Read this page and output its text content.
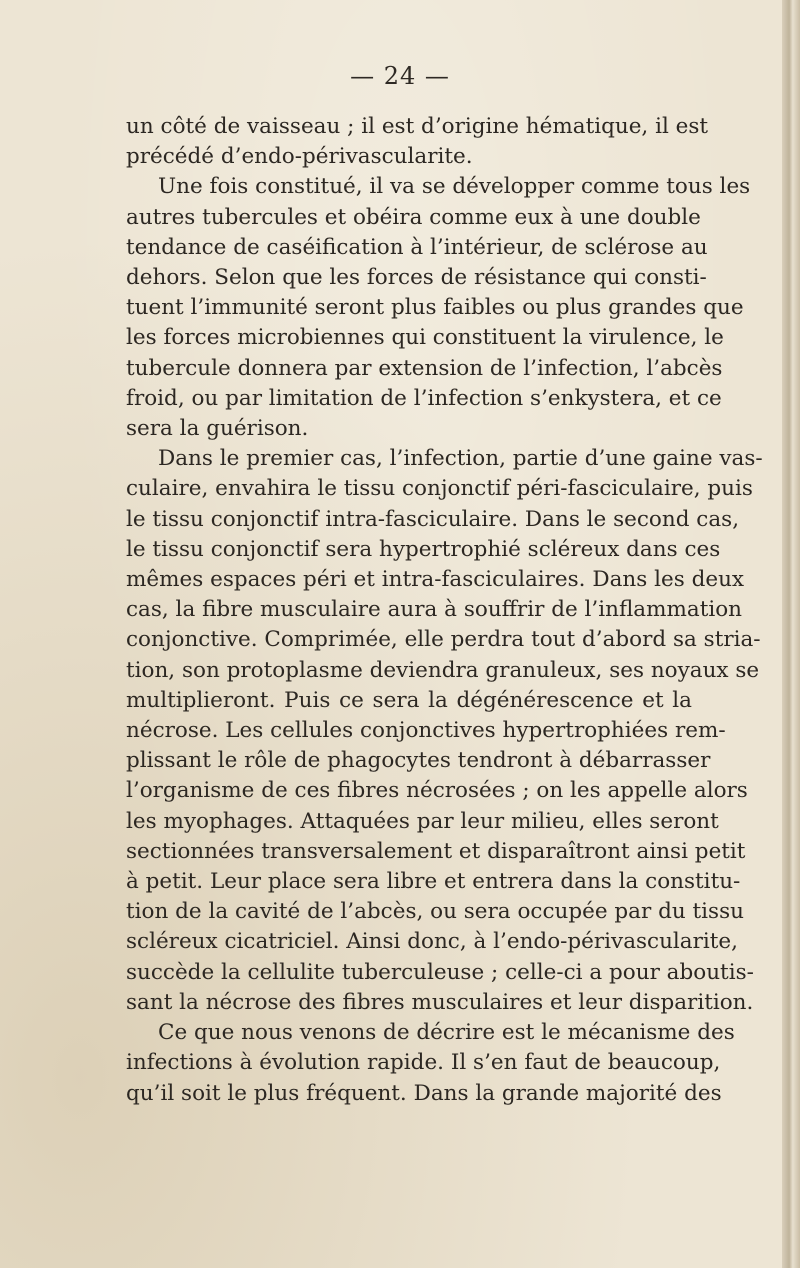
— 24 —
un côté de vaisseau ; il est d’origine hématique, il est
précédé d’endo-périvascularite.
Une fois constitué, il va se développer comme tous les
autres tubercules et obéira comme eux à une double
tendance de caséification à l’intérieur, de sclérose au
dehors. Selon que les forces de résistance qui consti-
tuent l’immunité seront plus faibles ou plus grandes que
les forces microbiennes qui constituent la virulence, le
tubercule donnera par extension de l’infection, l’abcès
froid, ou par limitation de l’infection s’enkystera, et ce
sera la guérison.
Dans le premier cas, l’infection, partie d’une gaine vas-
culaire, envahira le tissu conjonctif péri-fasciculaire, puis
le tissu conjonctif intra-fasciculaire. Dans le second cas,
le tissu conjonctif sera hypertrophié scléreux dans ces
mêmes espaces péri et intra-fasciculaires. Dans les deux
cas, la fibre musculaire aura à souffrir de l’inflammation
conjonctive. Comprimée, elle perdra tout d’abord sa stria-
tion, son protoplasme deviendra granuleux, ses noyaux se
multiplieront. Puis ce sera la dégénérescence et la
nécrose. Les cellules conjonctives hypertrophiées rem-
plissant le rôle de phagocytes tendront à débarrasser
l’organisme de ces fibres nécrosées ; on les appelle alors
les myophages. Attaquées par leur milieu, elles seront
sectionnées transversalement et disparaîtront ainsi petit
à petit. Leur place sera libre et entrera dans la constitu-
tion de la cavité de l’abcès, ou sera occupée par du tissu
scléreux cicatriciel. Ainsi donc, à l’endo-périvascularite,
succède la cellulite tuberculeuse ; celle-ci a pour aboutis-
sant la nécrose des fibres musculaires et leur disparition.
Ce que nous venons de décrire est le mécanisme des
infections à évolution rapide. Il s’en faut de beaucoup,
qu’il soit le plus fréquent. Dans la grande majorité des
